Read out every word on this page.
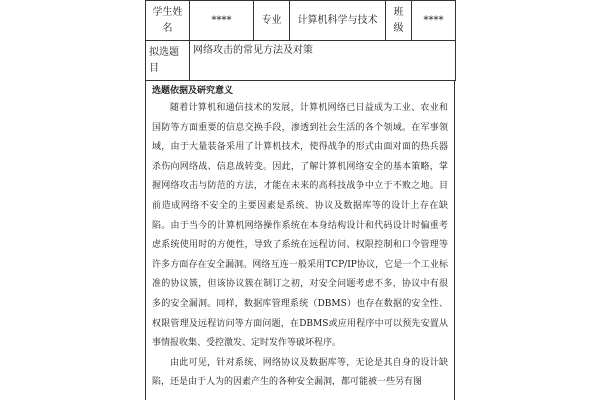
学生姓名	****	专业	计算机科学与技术	班级	****
拟选题目	网络攻击的常见方法及对策				

选题依据及研究意义

随着计算机和通信技术的发展，计算机网络已日益成为工业、农业和国防等方面重要的信息交换手段，渗透到社会生活的各个领域。在军事领域，由于大量装备采用了计算机技术，使得战争的形式由面对面的热兵器杀伤向网络战、信息战转变。因此，了解计算机网络安全的基本策略，掌握网络攻击与防范的方法，才能在未来的高科技战争中立于不败之地。目前造成网络不安全的主要因素是系统、协议及数据库等的设计上存在缺陷。由于当今的计算机网络操作系统在本身结构设计和代码设计时偏重考虑系统使用时的方便性，导致了系统在远程访问、权限控制和口令管理等许多方面存在安全漏洞。网络互连一般采用TCP/IP协议，它是一个工业标准的协议簇，但该协议簇在制订之初，对安全问题考虑不多，协议中有很多的安全漏洞。同样，数据库管理系统（DBMS）也存在数据的安全性、权限管理及远程访问等方面问题，在DBMS或应用程序中可以预先安置从事情报收集、受控激发、定时发作等破坏程序。

由此可见，针对系统、网络协议及数据库等，无论是其自身的设计缺陷，还是由于人为的因素产生的各种安全漏洞，都可能被一些另有图
